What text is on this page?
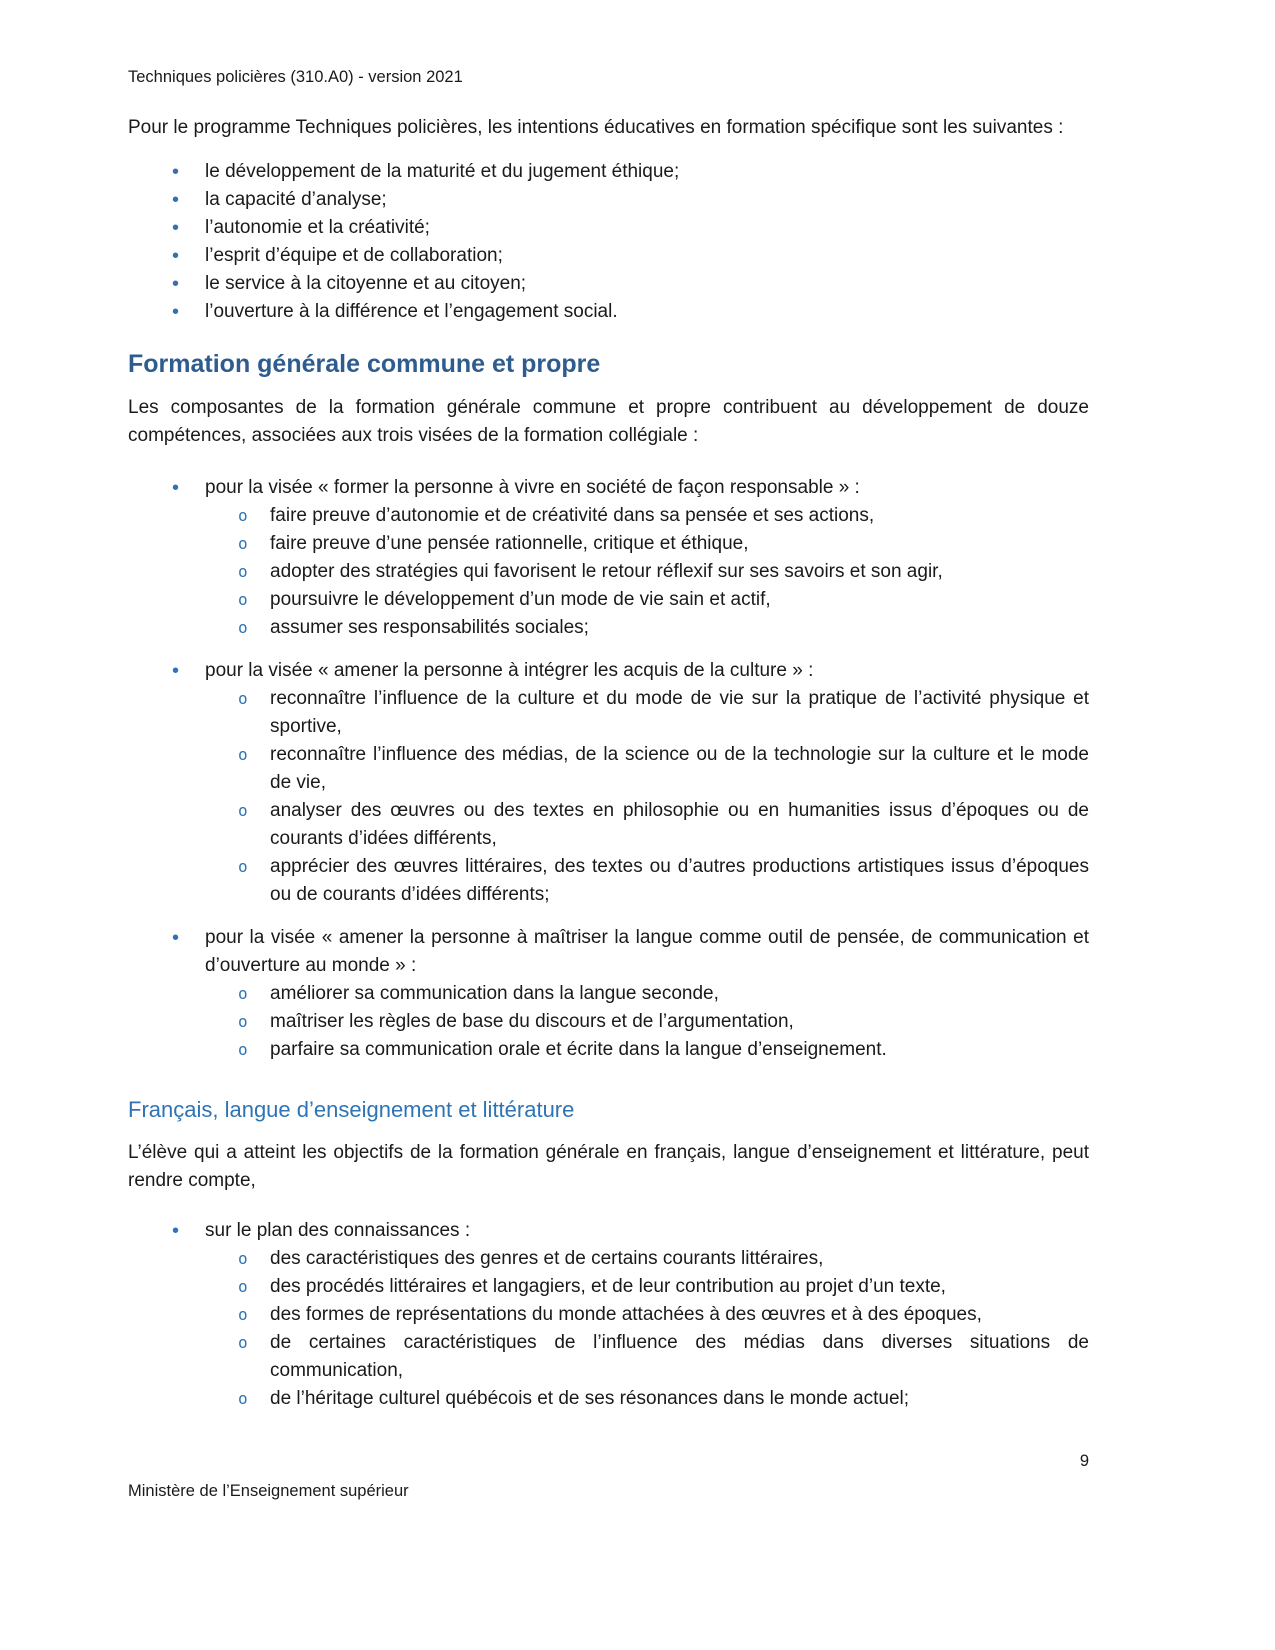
Techniques policières (310.A0) - version 2021

Pour le programme Techniques policières, les intentions éducatives en formation spécifique sont les suivantes :

•
le développement de la maturité et du jugement éthique;
•
la capacité d’analyse;
•
l’autonomie et la créativité;
•
l’esprit d’équipe et de collaboration;
•
le service à la citoyenne et au citoyen;
•
l’ouverture à la différence et l’engagement social.
Formation générale commune et propre

Les composantes de la formation générale commune et propre contribuent au développement de douze compétences, associées aux trois visées de la formation collégiale :

•
pour la visée « former la personne à vivre en société de façon responsable » :
o
faire preuve d’autonomie et de créativité dans sa pensée et ses actions,
o
faire preuve d’une pensée rationnelle, critique et éthique,
o
adopter des stratégies qui favorisent le retour réflexif sur ses savoirs et son agir,
o
poursuivre le développement d’un mode de vie sain et actif,
o
assumer ses responsabilités sociales;
•
pour la visée « amener la personne à intégrer les acquis de la culture » :
o
reconnaître l’influence de la culture et du mode de vie sur la pratique de l’activité physique et sportive,
o
reconnaître l’influence des médias, de la science ou de la technologie sur la culture et le mode de vie,
o
analyser des œuvres ou des textes en philosophie ou en humanities issus d’époques ou de courants d’idées différents,
o
apprécier des œuvres littéraires, des textes ou d’autres productions artistiques issus d’époques ou de courants d’idées différents;
•
pour la visée « amener la personne à maîtriser la langue comme outil de pensée, de communication et d’ouverture au monde » :
o
améliorer sa communication dans la langue seconde,
o
maîtriser les règles de base du discours et de l’argumentation,
o
parfaire sa communication orale et écrite dans la langue d’enseignement.
Français, langue d’enseignement et littérature

L’élève qui a atteint les objectifs de la formation générale en français, langue d’enseignement et littérature, peut rendre compte,

•
sur le plan des connaissances :
o
des caractéristiques des genres et de certains courants littéraires,
o
des procédés littéraires et langagiers, et de leur contribution au projet d’un texte,
o
des formes de représentations du monde attachées à des œuvres et à des époques,
o
de certaines caractéristiques de l’influence des médias dans diverses situations de communication,
o
de l’héritage culturel québécois et de ses résonances dans le monde actuel;
9
Ministère de l’Enseignement supérieur
